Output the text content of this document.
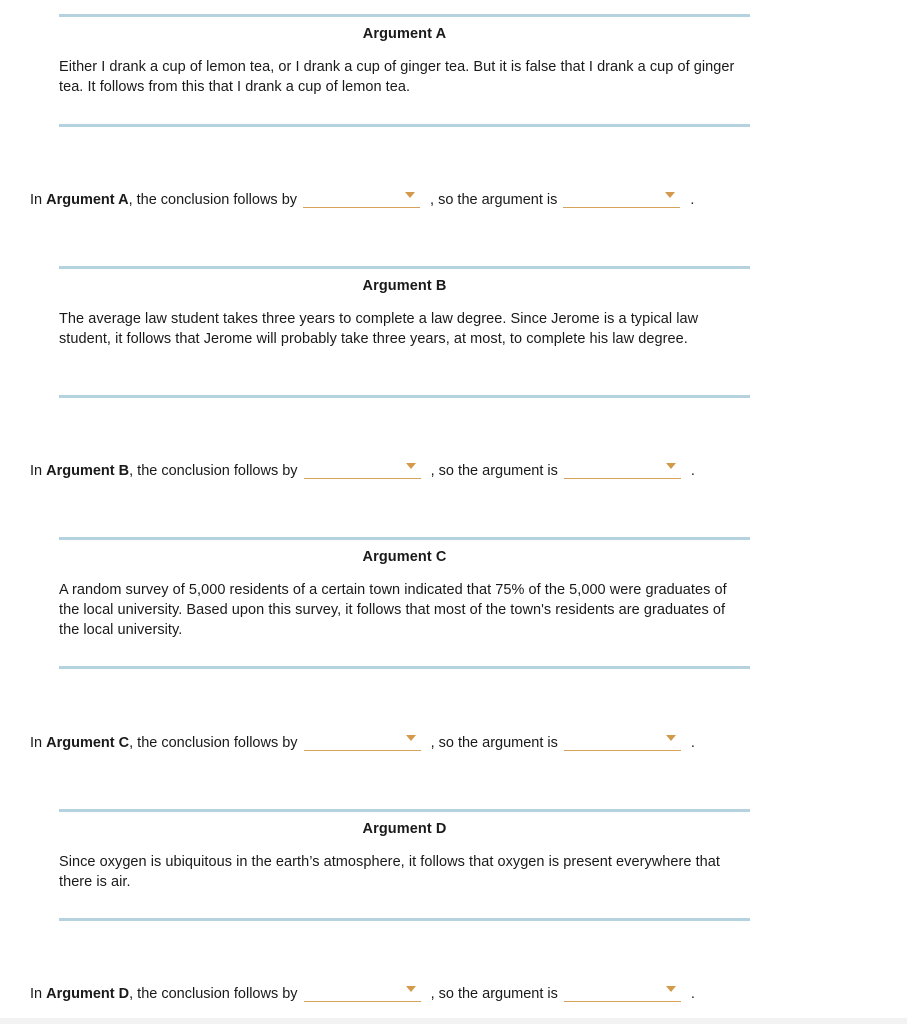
Argument A
Either I drank a cup of lemon tea, or I drank a cup of ginger tea. But it is false that I drank a cup of ginger tea. It follows from this that I drank a cup of lemon tea.
In
Argument A , the conclusion follows by	, so the argument is	.
Argument B
The average law student takes three years to complete a law degree. Since Jerome is a typical law student, it follows that Jerome will probably take three years, at most, to complete his law degree.
In
Argument B , the conclusion follows by	, so the argument is	.
Argument C
A random survey of 5,000 residents of a certain town indicated that 75% of the 5,000 were graduates of the local university. Based upon this survey, it follows that most of the town's residents are graduates of the local university.
In
Argument C , the conclusion follows by	, so the argument is	.
Argument D
Since oxygen is ubiquitous in the earth’s atmosphere, it follows that oxygen is present everywhere that there is air.
In
Argument D , the conclusion follows by	, so the argument is	.
